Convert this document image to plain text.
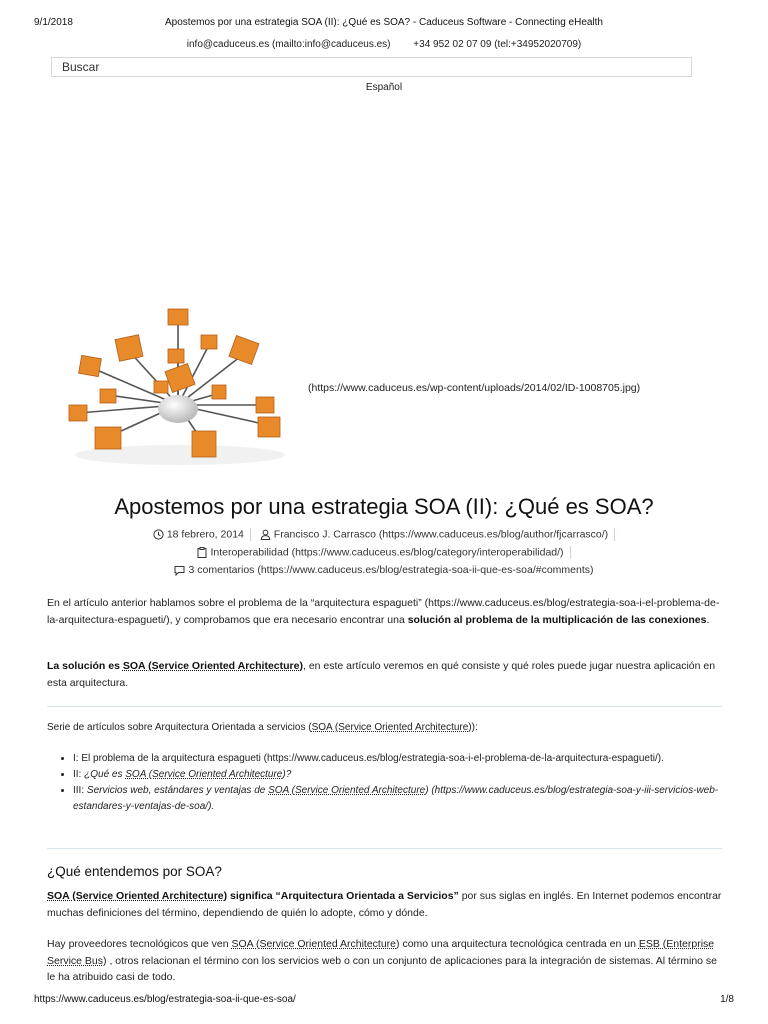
9/1/2018	Apostemos por una estrategia SOA (II): ¿Qué es SOA? - Caduceus Software - Connecting eHealth
info@caduceus.es (mailto:info@caduceus.es) +34 952 02 07 09 (tel:+34952020709)
Buscar
Español
(https://www.caduceus.es/wp-content/uploads/2014/02/ID-1008705.jpg)
Apostemos por una estrategia SOA (II): ¿Qué es SOA?
18 febrero, 2014	Francisco J. Carrasco (https://www.caduceus.es/blog/author/fjcarrasco/)
Interoperabilidad (https://www.caduceus.es/blog/category/interoperabilidad/)
3 comentarios (https://www.caduceus.es/blog/estrategia-soa-ii-que-es-soa/#comments)
En el artículo anterior hablamos sobre el problema de la “arquitectura espagueti” (https://www.caduceus.es/blog/estrategia-soa-i-el-problema-de-la-arquitectura-espagueti/), y comprobamos que era necesario encontrar una solución al problema de la multiplicación de las conexiones.
La solución es SOA (Service Oriented Architecture), en este artículo veremos en qué consiste y qué roles puede jugar nuestra aplicación en esta arquitectura.
Serie de artículos sobre Arquitectura Orientada a servicios (SOA (Service Oriented Architecture)):
• I: El problema de la arquitectura espagueti (https://www.caduceus.es/blog/estrategia-soa-i-el-problema-de-la-arquitectura-espagueti/).
• II: ¿Qué es SOA (Service Oriented Architecture)?
• III: Servicios web, estándares y ventajas de SOA (Service Oriented Architecture) (https://www.caduceus.es/blog/estrategia-soa-y-iii-servicios-web-estandares-y-ventajas-de-soa/).
¿Qué entendemos por SOA?
SOA (Service Oriented Architecture) significa “Arquitectura Orientada a Servicios” por sus siglas en inglés. En Internet podemos encontrar muchas definiciones del término, dependiendo de quién lo adopte, cómo y dónde.
Hay proveedores tecnológicos que ven SOA (Service Oriented Architecture) como una arquitectura tecnológica centrada en un ESB (Enterprise Service Bus) , otros relacionan el término con los servicios web o con un conjunto de aplicaciones para la integración de sistemas. Al término se le ha atribuido casi de todo.
https://www.caduceus.es/blog/estrategia-soa-ii-que-es-soa/	1/8
